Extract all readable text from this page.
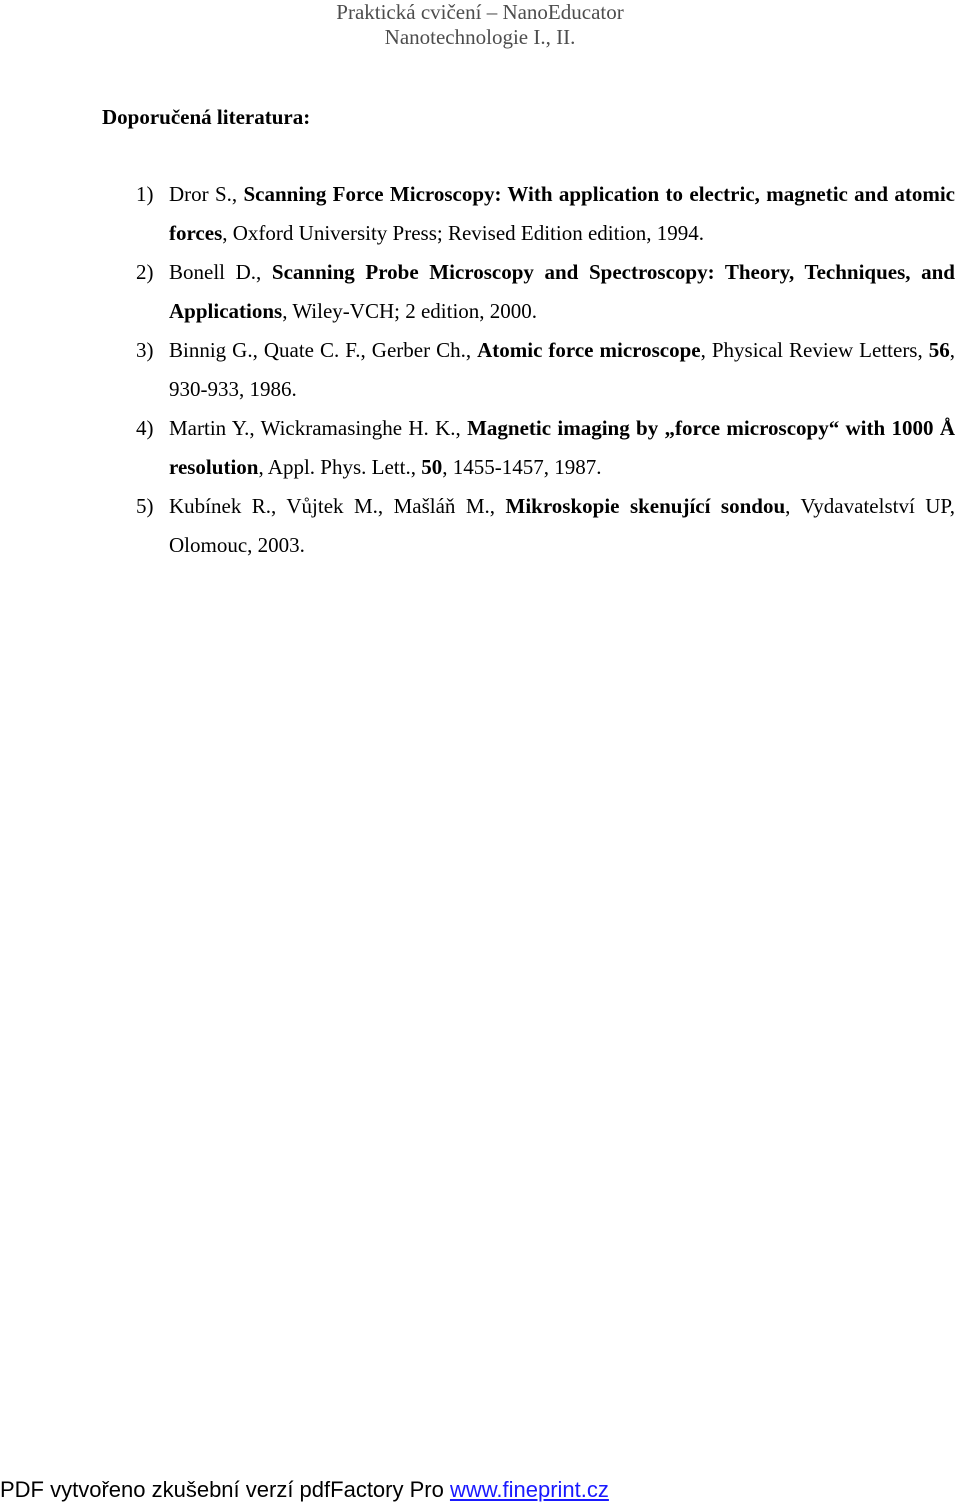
Praktická cvičení – NanoEducator
Nanotechnologie I., II.
Doporučená literatura:
1) Dror S., Scanning Force Microscopy: With application to electric, magnetic and atomic forces, Oxford University Press; Revised Edition edition, 1994.
2) Bonell D., Scanning Probe Microscopy and Spectroscopy: Theory, Techniques, and Applications, Wiley-VCH; 2 edition, 2000.
3) Binnig G., Quate C. F., Gerber Ch., Atomic force microscope, Physical Review Letters, 56, 930-933, 1986.
4) Martin Y., Wickramasinghe H. K., Magnetic imaging by „force microscopy“ with 1000 Å resolution, Appl. Phys. Lett., 50, 1455-1457, 1987.
5) Kubínek R., Vůjtek M., Mašláň M., Mikroskopie skenující sondou, Vydavatelství UP, Olomouc, 2003.
PDF vytvořeno zkušební verzí pdfFactory Pro www.fineprint.cz
